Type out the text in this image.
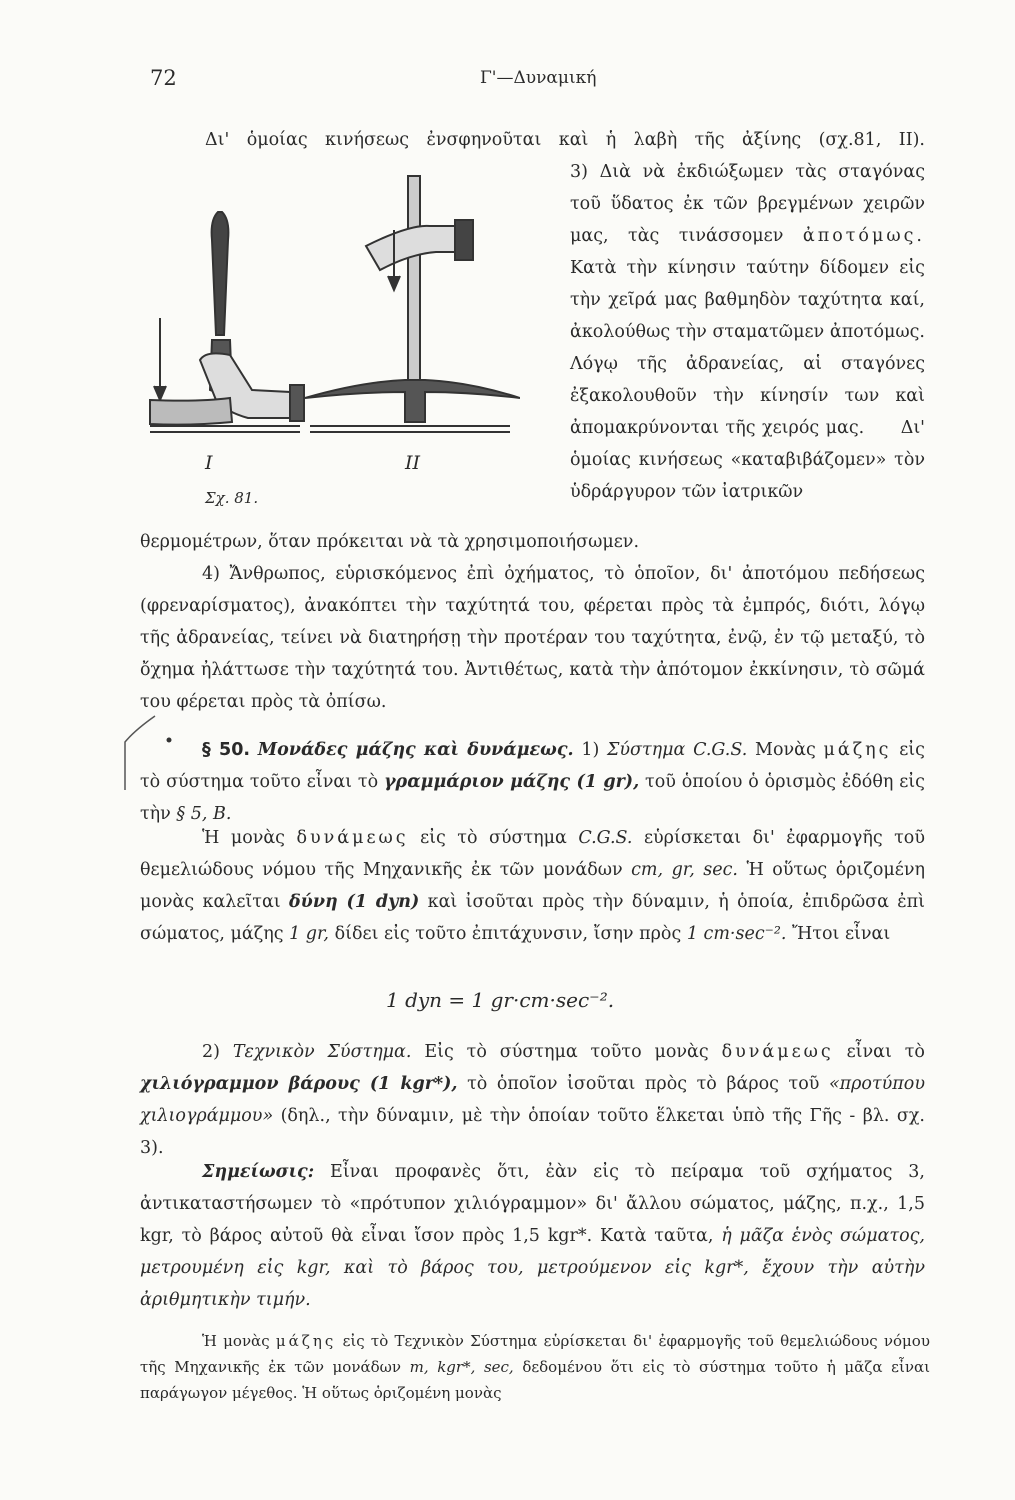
72	Γ'—Δυναμική
Δι' ὁμοίας κινήσεως ἐνσφηνοῦται καὶ ἡ λαβὴ τῆς ἀξίνης (σχ.81, ΙΙ).
Ι	ΙΙ
Σχ. 81.
3) Διὰ νὰ ἐκδιώξωμεν τὰς σταγόνας τοῦ ὕδατος ἐκ τῶν βρεγμένων χειρῶν μας, τὰς τινάσσομεν ἀποτόμως. Κατὰ τὴν κίνησιν ταύτην δίδομεν εἰς τὴν χεῖρά μας βαθμηδὸν ταχύτητα καί, ἀκολούθως τὴν σταματῶμεν ἀποτόμως. Λόγῳ τῆς ἀδρανείας, αἱ σταγόνες ἐξακολουθοῦν τὴν κίνησίν των καὶ ἀπομακρύνονται τῆς χειρός μας. Δι' ὁμοίας κινήσεως «καταβιβάζομεν» τὸν ὑδράργυρον τῶν ἰατρικῶν
θερμομέτρων, ὅταν πρόκειται νὰ τὰ χρησιμοποιήσωμεν.
4) Ἄνθρωπος, εὑρισκόμενος ἐπὶ ὀχήματος, τὸ ὁποῖον, δι' ἀποτόμου πεδήσεως (φρεναρίσματος), ἀνακόπτει τὴν ταχύτητά του, φέρεται πρὸς τὰ ἐμπρός, διότι, λόγῳ τῆς ἀδρανείας, τείνει νὰ διατηρήσῃ τὴν προτέραν του ταχύτητα, ἐνῷ, ἐν τῷ μεταξύ, τὸ ὄχημα ἠλάττωσε τὴν ταχύτητά του. Ἀντιθέτως, κατὰ τὴν ἀπότομον ἐκκίνησιν, τὸ σῶμά του φέρεται πρὸς τὰ ὀπίσω.
§ 50. Μονάδες μάζης καὶ δυνάμεως. 1) Σύστημα C.G.S. Μονὰς μάζης εἰς τὸ σύστημα τοῦτο εἶναι τὸ γραμμάριον μάζης (1 gr), τοῦ ὁποίου ὁ ὁρισμὸς ἐδόθη εἰς τὴν § 5, Β.
Ἡ μονὰς δυνάμεως εἰς τὸ σύστημα C.G.S. εὑρίσκεται δι' ἐφαρμογῆς τοῦ θεμελιώδους νόμου τῆς Μηχανικῆς ἐκ τῶν μονάδων cm, gr, sec. Ἡ οὕτως ὁριζομένη μονὰς καλεῖται δύνη (1 dyn) καὶ ἰσοῦται πρὸς τὴν δύναμιν, ἡ ὁποία, ἐπιδρῶσα ἐπὶ σώματος, μάζης 1 gr, δίδει εἰς τοῦτο ἐπιτάχυνσιν, ἴσην πρὸς 1 cm·sec⁻². Ἤτοι εἶναι
1 dyn = 1 gr·cm·sec⁻².
2) Τεχνικὸν Σύστημα. Εἰς τὸ σύστημα τοῦτο μονὰς δυνάμεως εἶναι τὸ χιλιόγραμμον βάρους (1 kgr*), τὸ ὁποῖον ἰσοῦται πρὸς τὸ βάρος τοῦ «προτύπου χιλιογράμμου» (δηλ., τὴν δύναμιν, μὲ τὴν ὁποίαν τοῦτο ἕλκεται ὑπὸ τῆς Γῆς - βλ. σχ. 3).
Σημείωσις: Εἶναι προφανὲς ὅτι, ἐὰν εἰς τὸ πείραμα τοῦ σχήματος 3, ἀντικαταστήσωμεν τὸ «πρότυπον χιλιόγραμμον» δι' ἄλλου σώματος, μάζης, π.χ., 1,5 kgr, τὸ βάρος αὐτοῦ θὰ εἶναι ἴσον πρὸς 1,5 kgr*. Κατὰ ταῦτα, ἡ μᾶζα ἑνὸς σώματος, μετρουμένη εἰς kgr, καὶ τὸ βάρος του, μετρούμενον εἰς kgr*, ἔχουν τὴν αὐτὴν ἀριθμητικὴν τιμήν.
Ἡ μονὰς μάζης εἰς τὸ Τεχνικὸν Σύστημα εὑρίσκεται δι' ἐφαρμογῆς τοῦ θεμελιώδους νόμου τῆς Μηχανικῆς ἐκ τῶν μονάδων m, kgr*, sec, δεδομένου ὅτι εἰς τὸ σύστημα τοῦτο ἡ μᾶζα εἶναι παράγωγον μέγεθος. Ἡ οὕτως ὁριζομένη μονὰς
